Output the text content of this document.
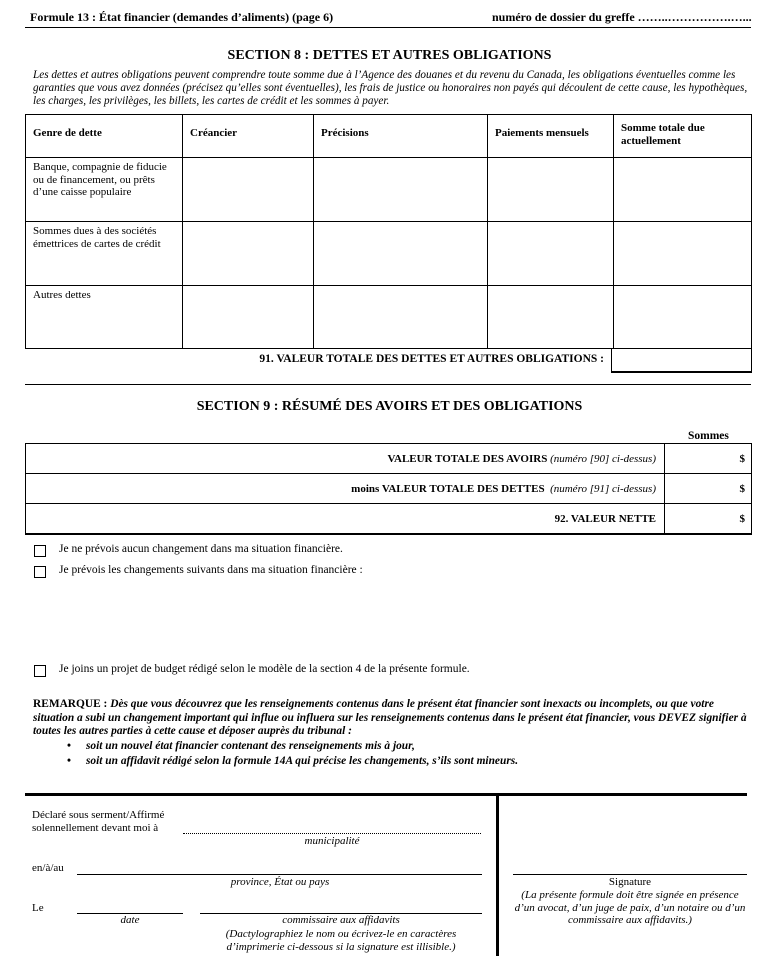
Formule 13 : État financier (demandes d’aliments) (page 6)	numéro de dossier du greffe ……..…………….…...
SECTION 8 : DETTES ET AUTRES OBLIGATIONS
Les dettes et autres obligations peuvent comprendre toute somme due à l’Agence des douanes et du revenu du Canada, les obligations éventuelles comme les garanties que vous avez données (précisez qu’elles sont éventuelles), les frais de justice ou honoraires non payés qui découlent de cette cause, les hypothèques, les charges, les privilèges, les billets, les cartes de crédit et les sommes à payer.
Genre de dette	Créancier	Précisions	Paiements mensuels	Somme totale due actuellement
Banque, compagnie de fiducie ou de financement, ou prêts d’une caisse populaire				
Sommes dues à des sociétés émettrices de cartes de crédit				
Autres dettes				
91. VALEUR TOTALE DES DETTES ET AUTRES OBLIGATIONS :
SECTION 9 : RÉSUMÉ DES AVOIRS ET DES OBLIGATIONS
Sommes
VALEUR TOTALE DES AVOIRS (numéro [90] ci-dessus)	$
moins VALEUR TOTALE DES DETTES (numéro [91] ci-dessus)	$
92. VALEUR NETTE	$
Je ne prévois aucun changement dans ma situation financière.
Je prévois les changements suivants dans ma situation financière :
Je joins un projet de budget rédigé selon le modèle de la section 4 de la présente formule.
REMARQUE : Dès que vous découvrez que les renseignements contenus dans le présent état financier sont inexacts ou incomplets, ou que votre situation a subi un changement important qui influe ou influera sur les renseignements contenus dans le présent état financier, vous DEVEZ signifier à toutes les autres parties à cette cause et déposer auprès du tribunal :
• soit un nouvel état financier contenant des renseignements mis à jour,
• soit un affidavit rédigé selon la formule 14A qui précise les changements, s’ils sont mineurs.
Déclaré sous serment/Affirmé
solennellement devant moi à
municipalité
en/à/au
province, État ou pays
Le
date	commissaire aux affidavits
(Dactylographiez le nom ou écrivez-le en caractères d’imprimerie ci-dessous si la signature est illisible.)
Signature
(La présente formule doit être signée en présence d’un avocat, d’un juge de paix, d’un notaire ou d’un commissaire aux affidavits.)
